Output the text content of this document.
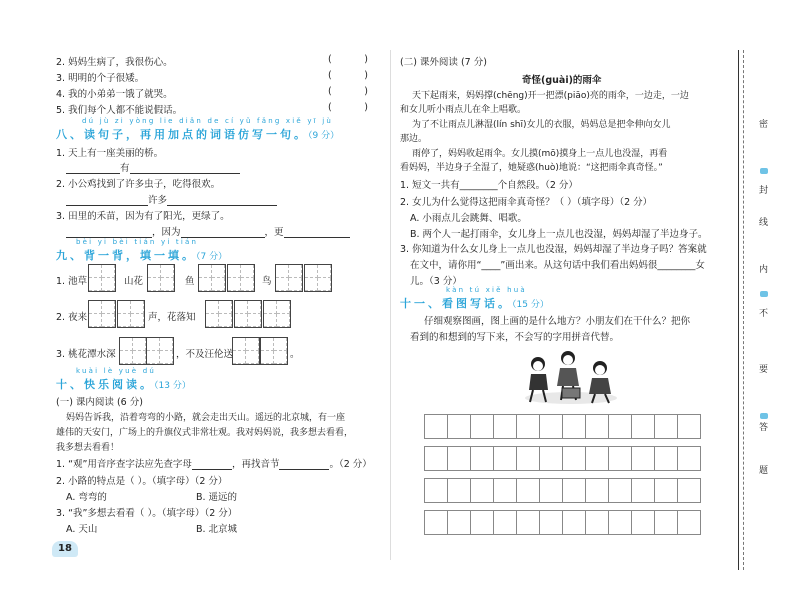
2. 妈妈生病了，我很伤心。	(	)
3. 明明的个子很矮。	(	)
4. 我的小弟弟一饿了就哭。	(	)
5. 我们每个人都不能说假话。	(	)
dú jù zi yòng lie diǎn de cí yǔ fǎng xiě yī jù
八、读句子，再用加点的词语仿写一句。（9 分）
1. 天上有一座美丽的桥。
有
2. 小公鸡找到了许多虫子，吃得很欢。
许多
3. 田里的禾苗，因为有了阳光，更绿了。
，因为	，更
bèi yi bèi tián yi tián
九、背一背，填一填。（7 分）
1. 池草	山花	鱼	鸟
2. 夜来	声，花落知
3. 桃花潭水深	，不及汪伦送	。
kuài lè yuè dú
十、快乐阅读。（13 分）
(一) 课内阅读 (6 分)
妈妈告诉我，沿着弯弯的小路，就会走出天山。遥远的北京城，有一座
雄伟的天安门，广场上的升旗仪式非常壮观。我对妈妈说，我多想去看看，
我多想去看看！
1. “观”用音序查字法应先查字母	，再找音节	。（2 分）
2. 小路的特点是（ ）。（填字母）（2 分）
A. 弯弯的	B. 遥远的
3. “我”多想去看看（ ）。（填字母）（2 分）
A. 天山	B. 北京城
18
(二) 课外阅读 (7 分)
奇怪(guài)的雨伞
天下起雨来，妈妈撑(chēng)开一把漂(piāo)亮的雨伞，一边走，一边
和女儿听小雨点儿在伞上唱歌。
为了不让雨点儿淋湿(lín shī)女儿的衣服，妈妈总是把伞伸向女儿
那边。
雨停了，妈妈收起雨伞。女儿摸(mō)摸身上一点儿也没湿，再看
看妈妈，半边身子全湿了，她疑惑(huò)地说：“这把雨伞真奇怪。”
1. 短文一共有________个自然段。（2 分）
2. 女儿为什么觉得这把雨伞真奇怪？（ ）（填字母）（2 分）
A. 小雨点儿会跳舞、唱歌。
B. 两个人一起打雨伞，女儿身上一点儿也没湿，妈妈却湿了半边身子。
3. 你知道为什么女儿身上一点儿也没湿，妈妈却湿了半边身子吗？答案就
在文中，请你用“____”画出来。从这句话中我们看出妈妈很________女
儿。（3 分）
kàn tú xiě huà
十一、看图写话。（15 分）
仔细观察图画，图上画的是什么地方？小朋友们在干什么？把你
看到的和想到的写下来，不会写的字用拼音代替。
密
封
线
内
不
要
答
题
